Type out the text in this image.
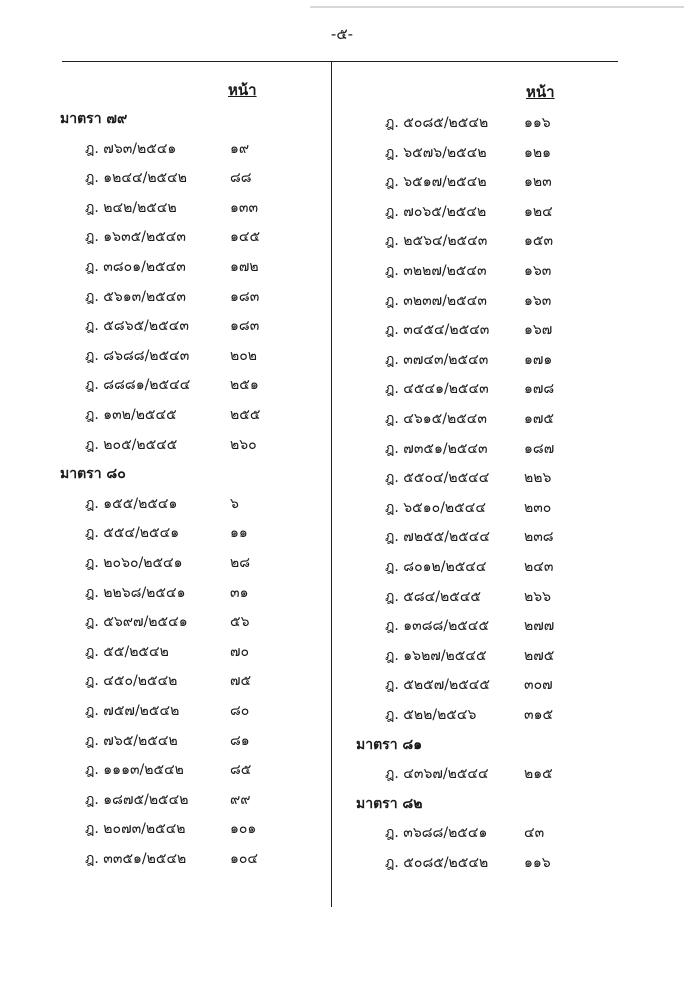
-๕-
หน้า
มาตรา ๗๙
ฎ. ๗๖๓/๒๕๔๑	๑๙
ฎ. ๑๒๔๔/๒๕๔๒	๘๘
ฎ. ๒๔๒/๒๕๔๒	๑๓๓
ฎ. ๑๖๓๕/๒๕๔๓	๑๔๕
ฎ. ๓๘๐๑/๒๕๔๓	๑๗๒
ฎ. ๕๖๑๓/๒๕๔๓	๑๘๓
ฎ. ๕๘๖๕/๒๕๔๓	๑๘๓
ฎ. ๘๖๘๘/๒๕๔๓	๒๐๒
ฎ. ๘๘๘๑/๒๕๔๔	๒๕๑
ฎ. ๑๓๒/๒๕๔๕	๒๕๕
ฎ. ๒๐๕/๒๕๔๕	๒๖๐
มาตรา ๘๐
ฎ. ๑๕๕/๒๕๔๑	๖
ฎ. ๕๕๔/๒๕๔๑	๑๑
ฎ. ๒๐๖๐/๒๕๔๑	๒๘
ฎ. ๒๒๖๘/๒๕๔๑	๓๑
ฎ. ๕๖๙๗/๒๕๔๑	๕๖
ฎ. ๕๕/๒๕๔๒	๗๐
ฎ. ๔๕๐/๒๕๔๒	๗๕
ฎ. ๗๕๗/๒๕๔๒	๘๐
ฎ. ๗๖๕/๒๕๔๒	๘๑
ฎ. ๑๑๑๓/๒๕๔๒	๘๕
ฎ. ๑๘๗๕/๒๕๔๒	๙๙
ฎ. ๒๐๗๓/๒๕๔๒	๑๐๑
ฎ. ๓๓๕๑/๒๕๔๒	๑๐๔
หน้า
ฎ. ๕๐๘๕/๒๕๔๒	๑๑๖
ฎ. ๖๕๗๖/๒๕๔๒	๑๒๑
ฎ. ๖๕๑๗/๒๕๔๒	๑๒๓
ฎ. ๗๐๖๕/๒๕๔๒	๑๒๔
ฎ. ๒๕๖๔/๒๕๔๓	๑๕๓
ฎ. ๓๒๒๗/๒๕๔๓	๑๖๓
ฎ. ๓๒๓๗/๒๕๔๓	๑๖๓
ฎ. ๓๔๕๔/๒๕๔๓ ๑๖๗
ฎ. ๓๗๔๓/๒๕๔๓	๑๗๑
ฎ. ๔๕๔๑/๒๕๔๓	๑๗๘
ฎ. ๔๖๑๕/๒๕๔๓	๑๗๕
ฎ. ๗๓๕๑/๒๕๔๓	๑๘๗
ฎ. ๕๕๐๔/๒๕๔๔ ๒๒๖
ฎ. ๖๕๑๐/๒๕๔๔	๒๓๐
ฎ. ๗๒๕๕/๒๕๔๔ ๒๓๘
ฎ. ๘๐๑๒/๒๕๔๔	๒๔๓
ฎ. ๕๘๔/๒๕๔๕	๒๖๖
ฎ. ๑๓๘๘/๒๕๔๕ ๒๗๗
ฎ. ๑๖๒๗/๒๕๔๕	๒๗๕
ฎ. ๕๒๕๗/๒๕๔๕ ๓๐๗
ฎ. ๕๒๒/๒๕๔๖	๓๑๕
มาตรา ๘๑
ฎ. ๔๓๖๗/๒๕๔๔	๒๑๕
มาตรา ๘๒
ฎ. ๓๖๘๘/๒๕๔๑	๔๓
ฎ. ๕๐๘๕/๒๕๔๒	๑๑๖
